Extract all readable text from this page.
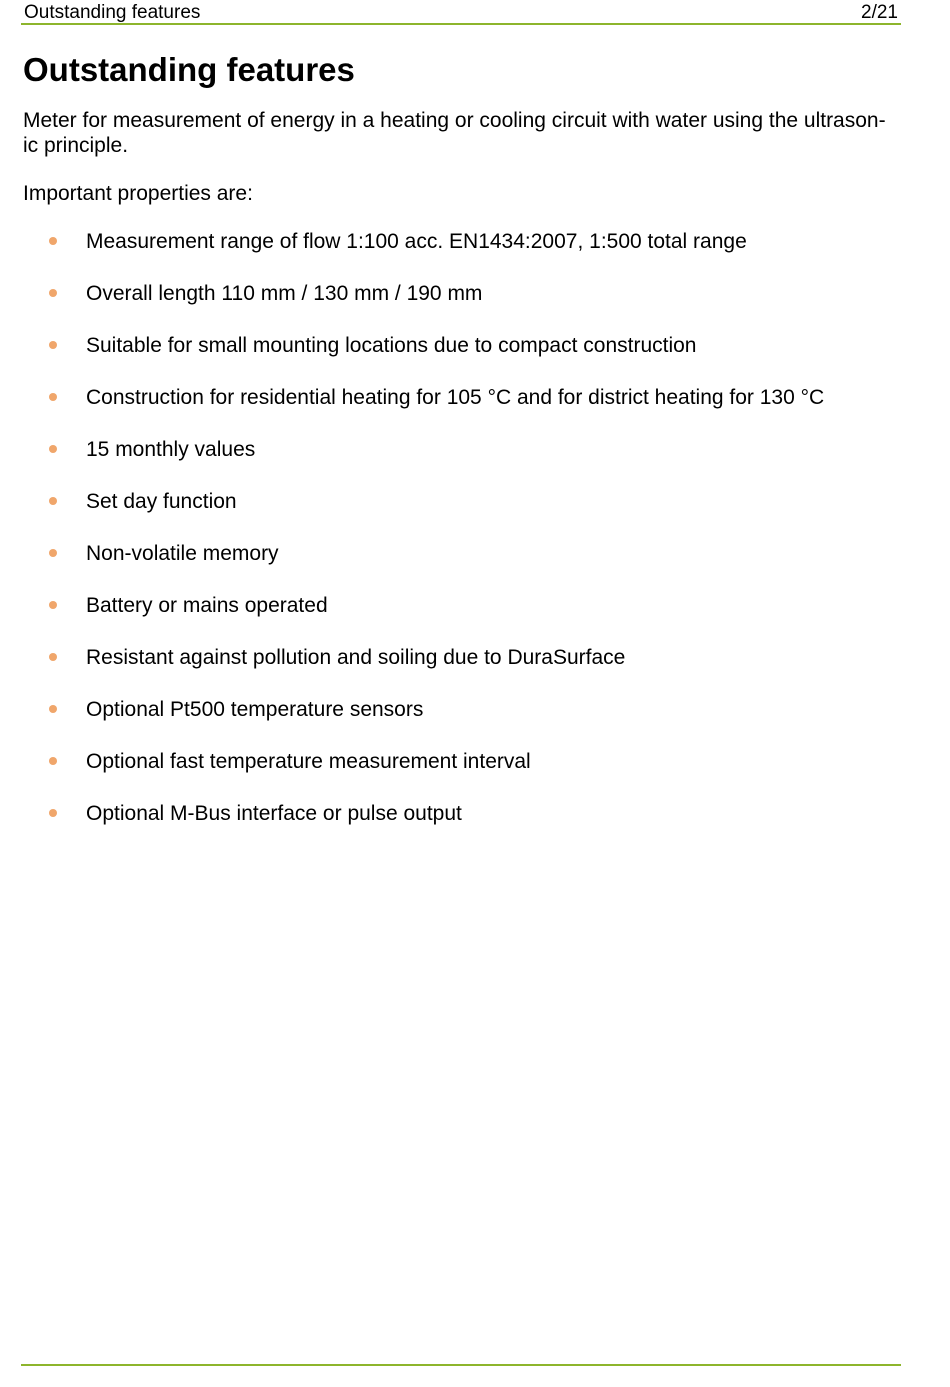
Outstanding features	2/21
Outstanding features

Meter for measurement of energy in a heating or cooling circuit with water using the ultrason-
ic principle.

Important properties are:

Measurement range of flow 1:100 acc. EN1434:2007, 1:500 total range
Overall length 110 mm / 130 mm / 190 mm
Suitable for small mounting locations due to compact construction
Construction for residential heating for 105 °C and for district heating for 130 °C
15 monthly values
Set day function
Non-volatile memory
Battery or mains operated
Resistant against pollution and soiling due to DuraSurface
Optional Pt500 temperature sensors
Optional fast temperature measurement interval
Optional M-Bus interface or pulse output
